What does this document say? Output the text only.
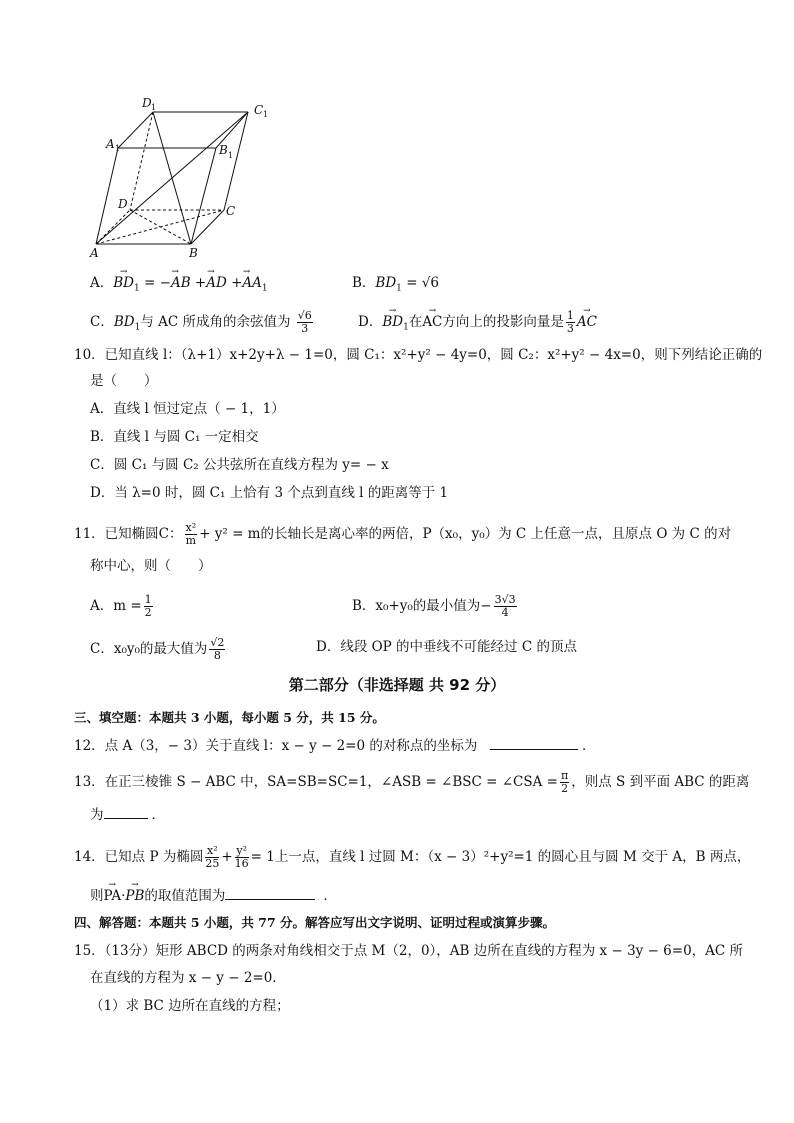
D 1	C 1
A 1	B 1
D	C
A	B
A．→ $BD_1$ = → $-AB \to +AD \to +AA_1$	B．$BD_1 = √6$
C．$BD_1$与 AC 所成角的余弦值为 $\frac{√6}{3}$	D．→ $BD_1$在→ AC方向上的投影向量是 $\frac{1}{3}$ → AC
10．已知直线 l：（λ+1）x+2y+λ − 1=0，圆 C₁：x²+y² − 4y=0，圆 C₂：x²+y² − 4x=0，则下列结论正确的
是（　　）
A．直线 l 恒过定点（ − 1，1）
B．直线 l 与圆 C₁ 一定相交
C．圆 C₁ 与圆 C₂ 公共弦所在直线方程为 y= − x
D．当 λ=0 时，圆 C₁ 上恰有 3 个点到直线 l 的距离等于 1
11．已知椭圆C： $\frac{\text{x²}}{m} + y^2 = m$的长轴长是离心率的两倍，P（x₀，y₀）为 C 上任意一点，且原点 O 为 C 的对
称中心，则（　　）
A．$m = \frac{1}{2}$	B．x₀+y₀的最小值为− $\frac{3√3}{4}$
C．x₀y₀的最大值为 $\frac{√2}{8}$	D．线段 OP 的中垂线不可能经过 C 的顶点
第二部分（非选择题 共 92 分）
三、填空题：本题共 3 小题，每小题 5 分，共 15 分。
12．点 A（3，− 3）关于直线 l：x − y − 2=0 的对称点的坐标为	．
13．在正三棱锥 S − ABC 中，SA=SB=SC=1，∠ASB = ∠BSC = ∠CSA = $\frac{\pi}{2}$ ，则点 S 到平面 ABC 的距离
为	．
14．已知点 P 为椭圆 $\frac{\text{x²}}{25} + \frac{\text{y²}}{16} = 1$上一点，直线 l 过圆 M：（x − 3）²+y²=1 的圆心且与圆 M 交于 A，B 两点，
则→ PA·→ PB的取值范围为	．
四、解答题：本题共 5 小题，共 77 分。解答应写出文字说明、证明过程或演算步骤。
15．（13分）矩形 ABCD 的两条对角线相交于点 M（2，0），AB 边所在直线的方程为 x − 3y − 6=0，AC 所
在直线的方程为 x − y − 2=0．
（1）求 BC 边所在直线的方程；
